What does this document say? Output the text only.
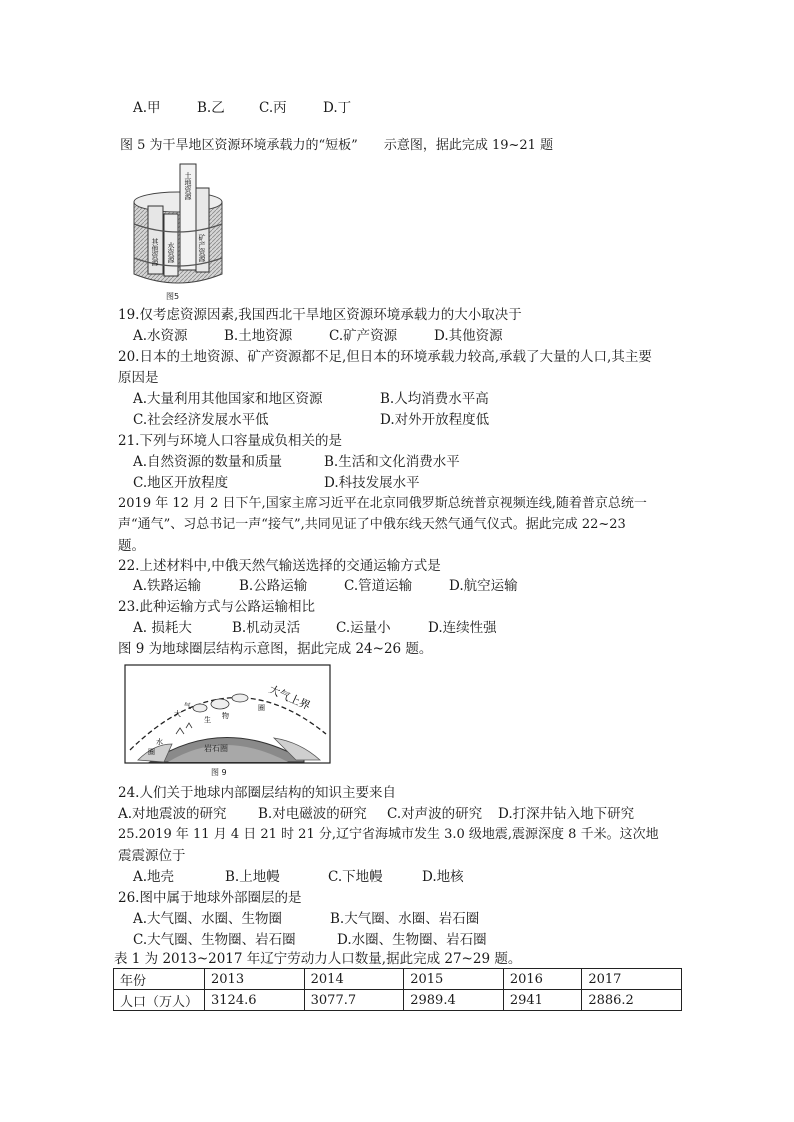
A.甲	B.乙	C.丙	D.丁
图 5 为干旱地区资源环境承载力的“短板”　　示意图，据此完成 19~21 题
土地资源
矿产资源
水资源
其他资源
图5
19.仅考虑资源因素,我国西北干旱地区资源环境承载力的大小取决于
A.水资源	B.土地资源	C.矿产资源	D.其他资源
20.日本的土地资源、矿产资源都不足,但日本的环境承载力较高,承载了大量的人口,其主要
原因是
A.大量利用其他国家和地区资源	B.人均消费水平高
C.社会经济发展水平低	D.对外开放程度低
21.下列与环境人口容量成负相关的是
A.自然资源的数量和质量	B.生活和文化消费水平
C.地区开放程度	D.科技发展水平
2019 年 12 月 2 日下午,国家主席习近平在北京同俄罗斯总统普京视频连线,随着普京总统一
声“通气”、习总书记一声“接气”,共同见证了中俄东线天然气通气仪式。据此完成 22~23
题。
22.上述材料中,中俄天然气输送选择的交通运输方式是
A.铁路运输	B.公路运输	C.管道运输	D.航空运输
23.此种运输方式与公路运输相比
A. 损耗大	B.机动灵活	C.运量小	D.连续性强
图 9 为地球圈层结构示意图，据此完成 24~26 题。
大气上界
大
气
生 物
圈
水
圈	岩石圈
图 9
24.人们关于地球内部圈层结构的知识主要来自
A.对地震波的研究 B.对电磁波的研究 C.对声波的研究 D.打深井钻入地下研究
25.2019 年 11 月 4 日 21 时 21 分,辽宁省海城市发生 3.0 级地震,震源深度 8 千米。这次地
震震源位于
A.地壳	B.上地幔	C.下地幔	D.地核
26.图中属于地球外部圈层的是
A.大气圈、水圈、生物圈	B.大气圈、水圈、岩石圈
C.大气圈、生物圈、岩石圈	D.水圈、生物圈、岩石圈
表 1 为 2013~2017 年辽宁劳动力人口数量,据此完成 27~29 题。
年份	2013	2014	2015	2016	2017
人口（万人）	3124.6	3077.7	2989.4	2941	2886.2
